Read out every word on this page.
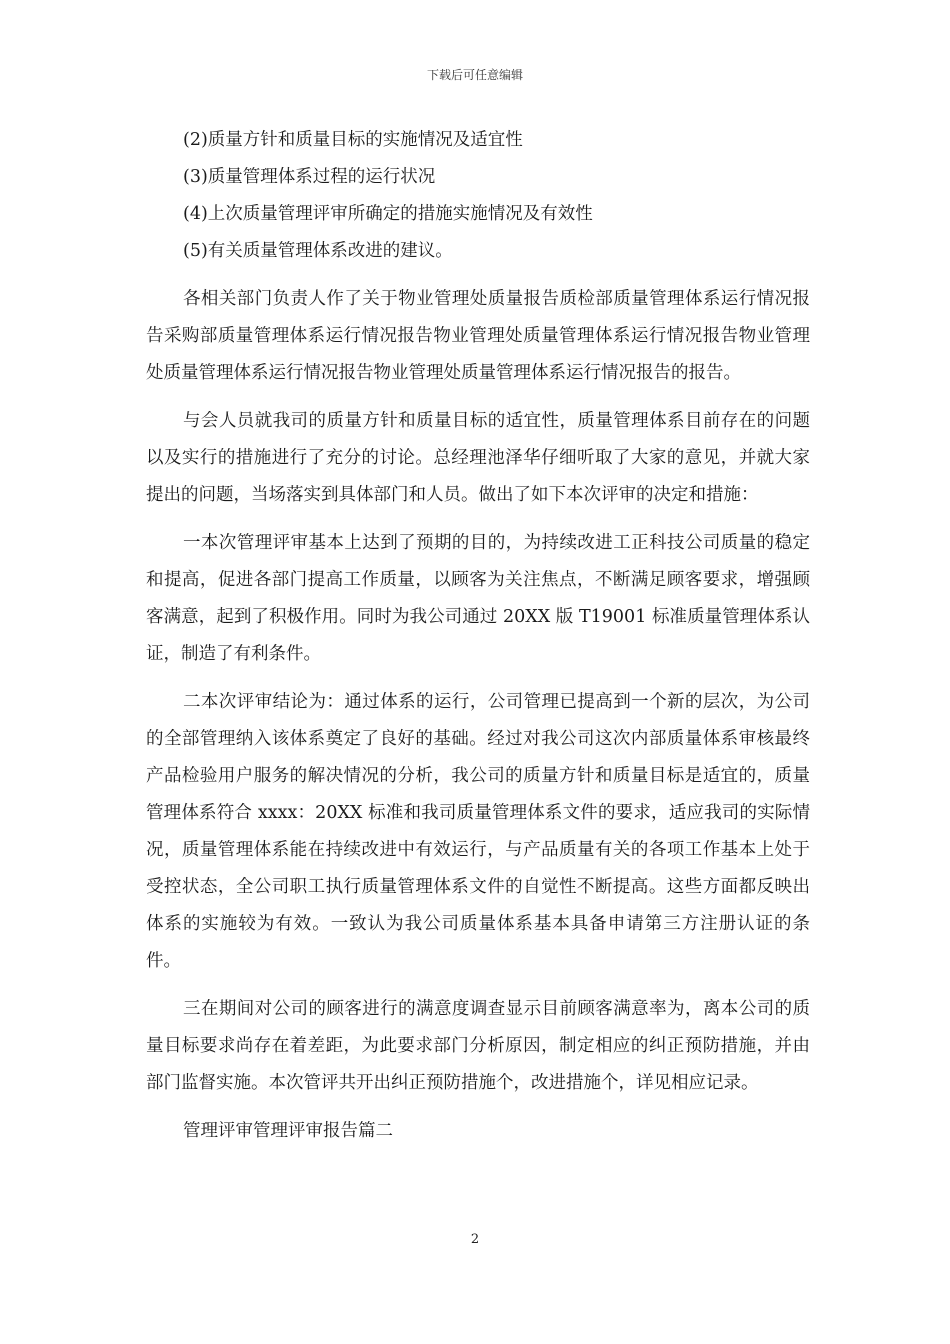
下载后可任意编辑

(2)质量方针和质量目标的实施情况及适宜性

(3)质量管理体系过程的运行状况

(4)上次质量管理评审所确定的措施实施情况及有效性

(5)有关质量管理体系改进的建议。

各相关部门负责人作了关于物业管理处质量报告质检部质量管理体系运行情况报告采购部质量管理体系运行情况报告物业管理处质量管理体系运行情况报告物业管理处质量管理体系运行情况报告物业管理处质量管理体系运行情况报告的报告。

与会人员就我司的质量方针和质量目标的适宜性，质量管理体系目前存在的问题以及实行的措施进行了充分的讨论。总经理池泽华仔细听取了大家的意见，并就大家提出的问题，当场落实到具体部门和人员。做出了如下本次评审的决定和措施：

一本次管理评审基本上达到了预期的目的，为持续改进工正科技公司质量的稳定和提高，促进各部门提高工作质量，以顾客为关注焦点，不断满足顾客要求，增强顾客满意，起到了积极作用。同时为我公司通过 20XX 版 T19001 标准质量管理体系认证，制造了有利条件。

二本次评审结论为：通过体系的运行，公司管理已提高到一个新的层次，为公司的全部管理纳入该体系奠定了良好的基础。经过对我公司这次内部质量体系审核最终产品检验用户服务的解决情况的分析，我公司的质量方针和质量目标是适宜的，质量管理体系符合 xxxx：20XX 标准和我司质量管理体系文件的要求，适应我司的实际情况，质量管理体系能在持续改进中有效运行，与产品质量有关的各项工作基本上处于受控状态，全公司职工执行质量管理体系文件的自觉性不断提高。这些方面都反映出体系的实施较为有效。一致认为我公司质量体系基本具备申请第三方注册认证的条件。

三在期间对公司的顾客进行的满意度调查显示目前顾客满意率为，离本公司的质量目标要求尚存在着差距，为此要求部门分析原因，制定相应的纠正预防措施，并由部门监督实施。本次管评共开出纠正预防措施个，改进措施个，详见相应记录。

管理评审管理评审报告篇二

2
